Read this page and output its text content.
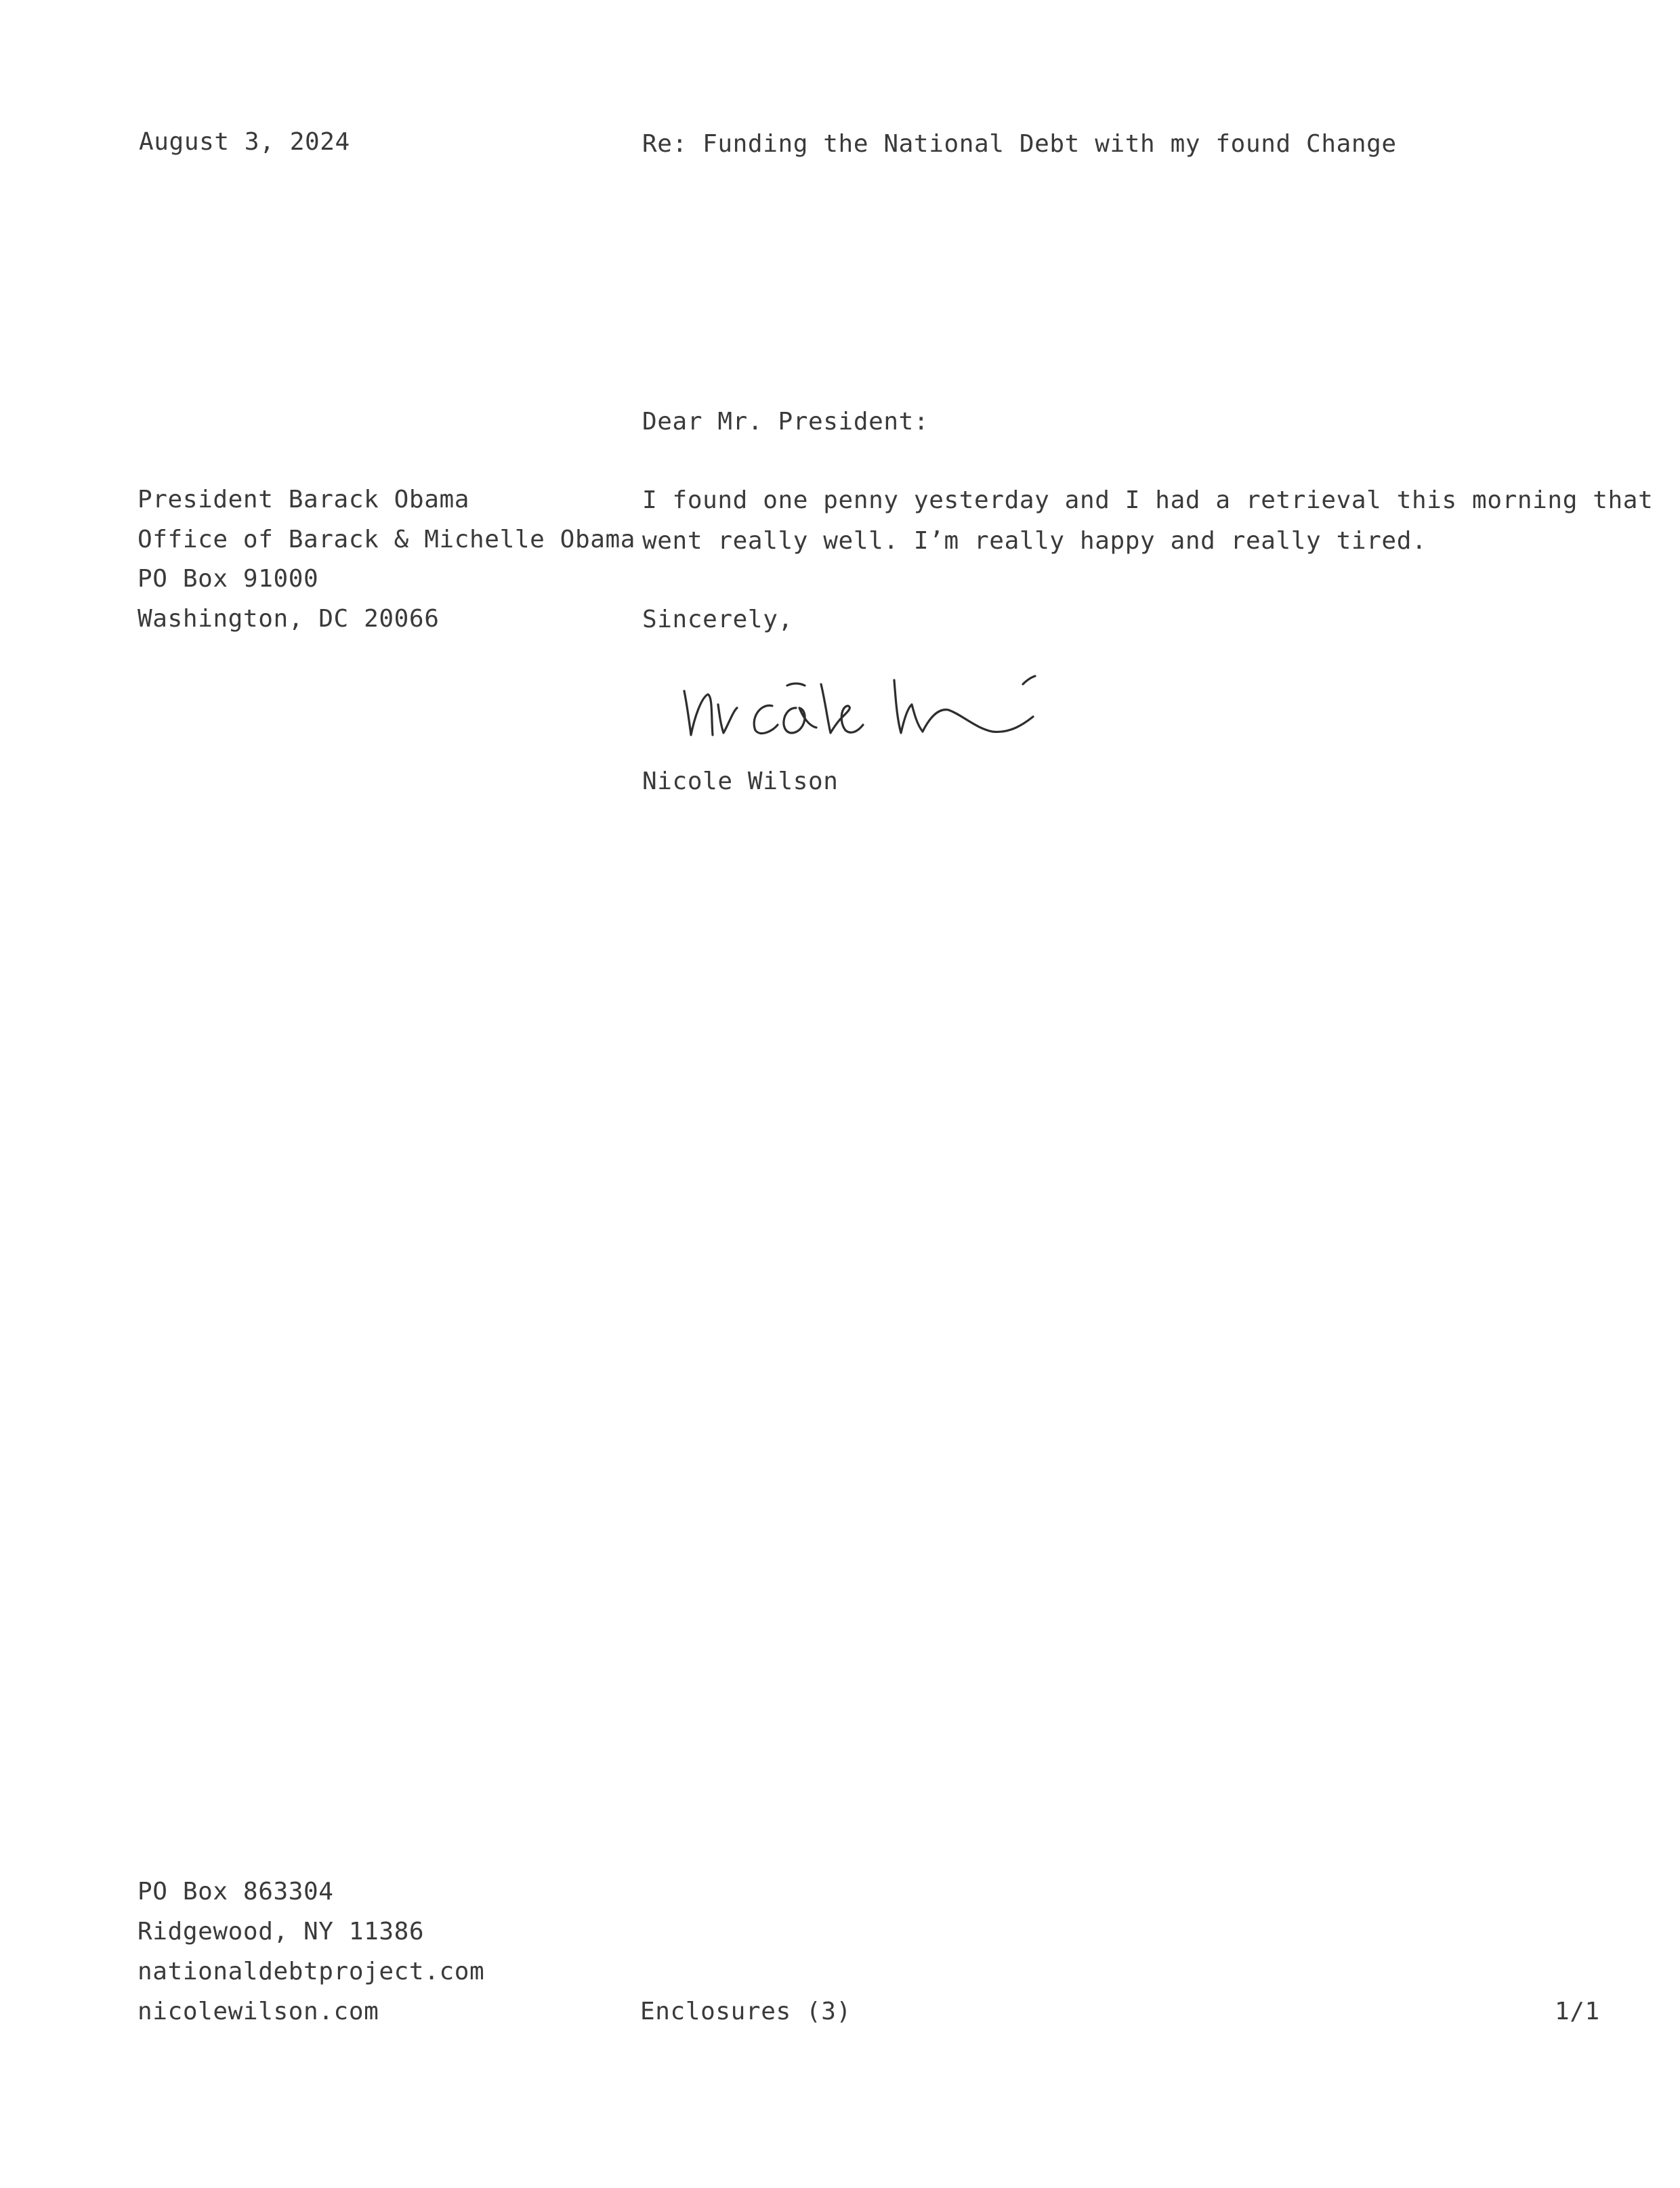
August 3, 2024	Re: Funding the National Debt with my found Change
Dear Mr. President:
President Barack Obama
Office of Barack & Michelle Obama
PO Box 91000
Washington, DC 20066
I found one penny yesterday and I had a retrieval this morning that
went really well. I’m really happy and really tired.
Sincerely,
Nicole Wilson
PO Box 863304
Ridgewood, NY 11386
nationaldebtproject.com
nicolewilson.com	Enclosures (3)	1/1
